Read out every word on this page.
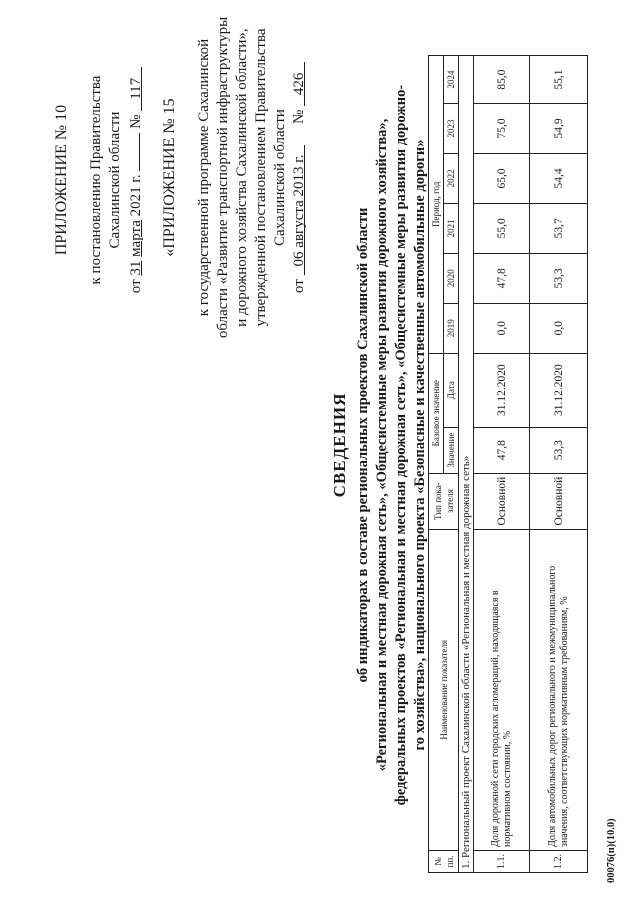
ПРИЛОЖЕНИЕ № 10 к постановлению Правительства Сахалинской области
от 31 марта 2021 г.  № 117
«ПРИЛОЖЕНИЕ № 15 к государственной программе Сахалинской области «Развитие транспортной инфраструктуры и дорожного хозяйства Сахалинской области», утвержденной постановлением Правительства Сахалинской области
от 06 августа 2013 г.  № 426
СВЕДЕНИЯ об индикаторах в составе региональных проектов Сахалинской области «Региональная и местная дорожная сеть», «Общесистемные меры развития дорожного хозяйства», федеральных проектов «Региональная и местная дорожная сеть», «Общесистемные меры развития дорожно- го хозяйства», национального проекта «Безопасные и качественные автомобильные дороги»
№ пп.	Наименование показателя	Тип пока-зателя	Базовое значение		Период, год					
			Значение	Дата	2019	2020	2021	2022	2023	2024
1. Региональный проект Сахалинской области «Региональная и местная дорожная сеть»										
1.1.	Доля дорожной сети городских агломераций, находящаяся в нормативном состоянии, %	Основной	47,8	31.12.2020	0,0	47,8	55,0	65,0	75,0	85,0
1.2.	Доля автомобильных дорог регионального и межмуниципального значения, соответствующих нормативным требованиям, %	Основной	53,3	31.12.2020	0,0	53,3	53,7	54,4	54,9	55,1
00076(п)(10.0)
